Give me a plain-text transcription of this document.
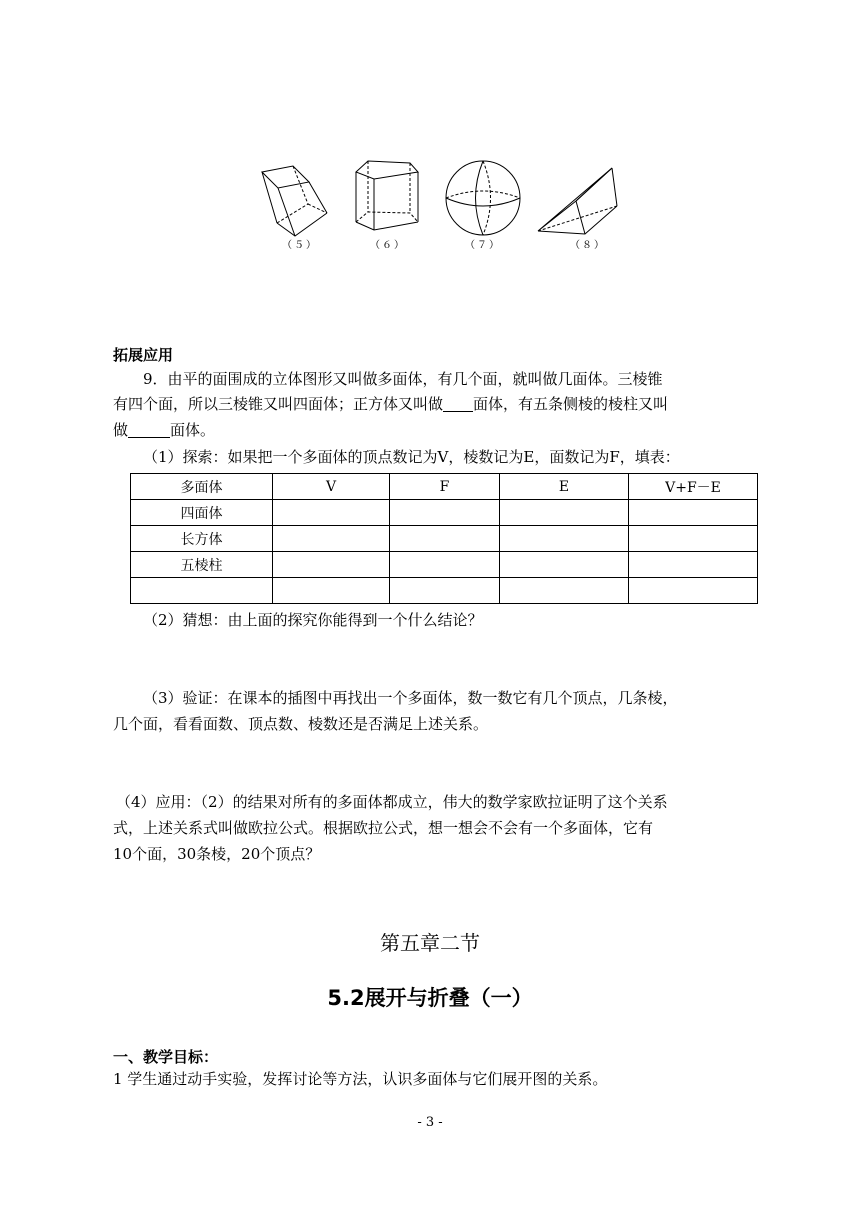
（５）	（６）	（７）	（８）
拓展应用
9．由平的面围成的立体图形又叫做多面体，有几个面，就叫做几面体。三棱锥
有四个面，所以三棱锥又叫四面体；正方体又叫做 面体，有五条侧棱的棱柱又叫
做	面体。
（1）探索：如果把一个多面体的顶点数记为V，棱数记为E，面数记为F，填表：
多面体	V	F	E	V+F－E
四面体				
长方体				
五棱柱				

（2）猜想：由上面的探究你能得到一个什么结论？
（3）验证：在课本的插图中再找出一个多面体，数一数它有几个顶点，几条棱，
几个面，看看面数、顶点数、棱数还是否满足上述关系。
（4）应用：（2）的结果对所有的多面体都成立，伟大的数学家欧拉证明了这个关系
式，上述关系式叫做欧拉公式。根据欧拉公式，想一想会不会有一个多面体，它有
10个面，30条棱，20个顶点？
第五章二节
5.2展开与折叠（一）
一、教学目标：
1 学生通过动手实验，发挥讨论等方法，认识多面体与它们展开图的关系。
- 3 -
